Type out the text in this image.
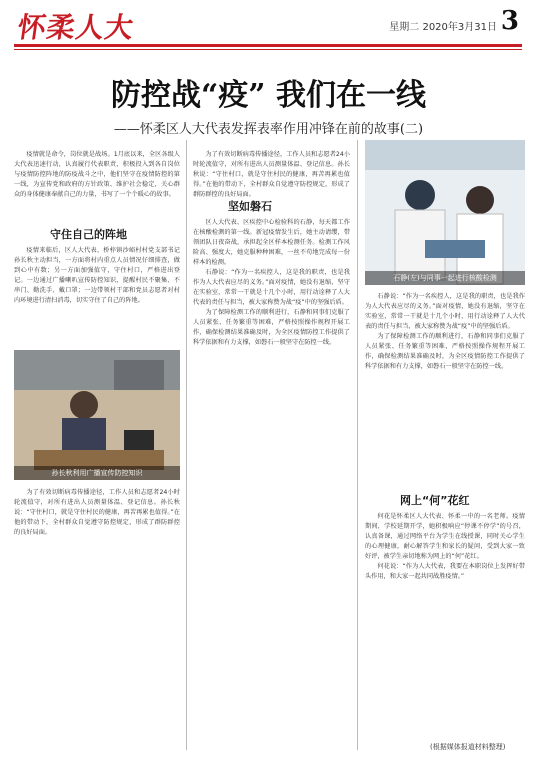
怀柔人大	星期二 2020年3月31日 3
防控战“疫” 我们在一线
——怀柔区人大代表发挥表率作用冲锋在前的故事(二)

疫情就是命令，岗位就是战场。1月底以来，全区各级人大代表迅速行动，认真履行代表职责，积极投入到各自岗位与疫情防控阵地的防疫战斗之中，他们坚守在疫情防控的第一线，为宣传党和政府的方针政策、维护社会稳定，关心群众的身体健康奉献自己的力量，书写了一个个暖心的故事。

守住自己的阵地

疫情来临后，区人大代表、桥梓镇沙峪村村党支部书记孙长秋主动担当，一方面将村内重点人员情况仔细排查，做到心中有数；另一方面加强值守，守住村口，严格进出登记。一边通过广播喇叭宣传防控知识，提醒村民不聚集、不串门、勤洗手、戴口罩；一边带领村干部和党员志愿者对村内环境进行清扫消毒，切实守住了自己的阵地。

孙长秋利用广播宣传防控知识

为了有效切断病毒传播途径，工作人员和志愿者24小时轮流值守，对所有进出人员测量体温、登记信息。孙长秋说：“守住村口，就是守住村民的健康，再苦再累也值得。”在他的带动下，全村群众自觉遵守防控规定，形成了群防群控的良好局面。

为了有效切断病毒传播途径，工作人员和志愿者24小时轮流值守，对所有进出人员测量体温、登记信息。孙长秋说：“守住村口，就是守住村民的健康，再苦再累也值得。”在他的带动下，全村群众自觉遵守防控规定，形成了群防群控的良好局面。

坚如磐石

区人大代表、区疾控中心检验科的石静，每天都工作在核酸检测的第一线。新冠疫情发生后，她主动请缨，带领团队日夜奋战，承担起全区样本检测任务。检测工作风险高、强度大，她克服种种困难，一丝不苟地完成每一份样本的检测。

石静说：“作为一名疾控人，这是我的职责，也是我作为人大代表应尽的义务。”面对疫情，她没有退缩，坚守在实验室，常常一干就是十几个小时，用行动诠释了人大代表的责任与担当，被大家称赞为战“疫”中的坚强后盾。

为了保障检测工作的顺利进行，石静和同事们克服了人员紧张、任务繁重等困难，严格按照操作规程开展工作，确保检测结果准确及时，为全区疫情防控工作提供了科学依据和有力支撑，如磐石一般坚守在防控一线。

石静(左)与同事一起进行核酸检测

石静说：“作为一名疾控人，这是我的职责，也是我作为人大代表应尽的义务。”面对疫情，她没有退缩，坚守在实验室，常常一干就是十几个小时，用行动诠释了人大代表的责任与担当，被大家称赞为战“疫”中的坚强后盾。

为了保障检测工作的顺利进行，石静和同事们克服了人员紧张、任务繁重等困难，严格按照操作规程开展工作，确保检测结果准确及时，为全区疫情防控工作提供了科学依据和有力支撑，如磐石一般坚守在防控一线。

网上“何”花红

何花是怀柔区人大代表、怀柔一中的一名老师。疫情期间，学校延期开学，她积极响应“停课不停学”的号召，认真备课，通过网络平台为学生在线授课，同时关心学生的心理健康，耐心解答学生和家长的疑问，受到大家一致好评，被学生亲切地称为网上的“何”花红。

何花说：“作为人大代表，我要在本职岗位上发挥好带头作用，和大家一起共同战胜疫情。”

(根据媒体报道材料整理)
